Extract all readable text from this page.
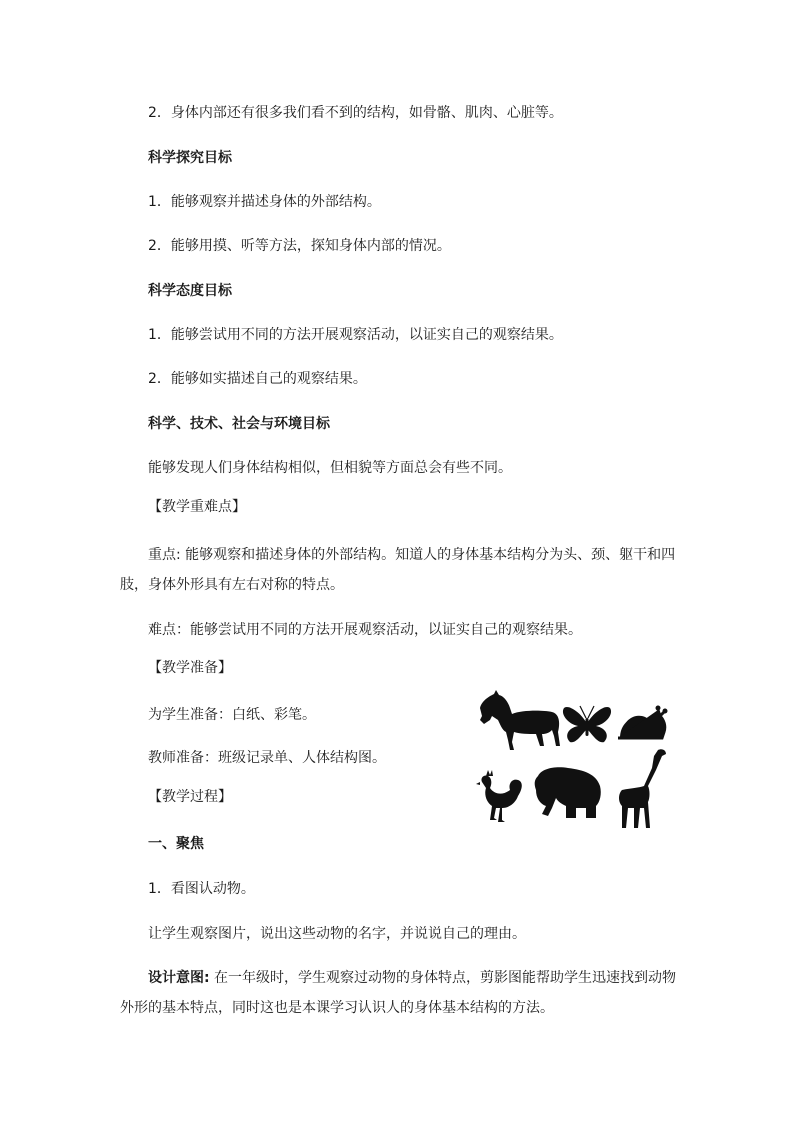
2．身体内部还有很多我们看不到的结构，如骨骼、肌肉、心脏等。
科学探究目标
1．能够观察并描述身体的外部结构。
2．能够用摸、听等方法，探知身体内部的情况。
科学态度目标
1．能够尝试用不同的方法开展观察活动，以证实自己的观察结果。
2．能够如实描述自己的观察结果。
科学、技术、社会与环境目标
能够发现人们身体结构相似，但相貌等方面总会有些不同。
【教学重难点】
重点: 能够观察和描述身体的外部结构。知道人的身体基本结构分为头、颈、躯干和四
肢，身体外形具有左右对称的特点。
难点：能够尝试用不同的方法开展观察活动，以证实自己的观察结果。
【教学准备】
为学生准备：白纸、彩笔。
教师准备：班级记录单、人体结构图。
【教学过程】
一、聚焦
1．看图认动物。
让学生观察图片，说出这些动物的名字，并说说自己的理由。
设计意图: 在一年级时，学生观察过动物的身体特点，剪影图能帮助学生迅速找到动物
外形的基本特点，同时这也是本课学习认识人的身体基本结构的方法。
